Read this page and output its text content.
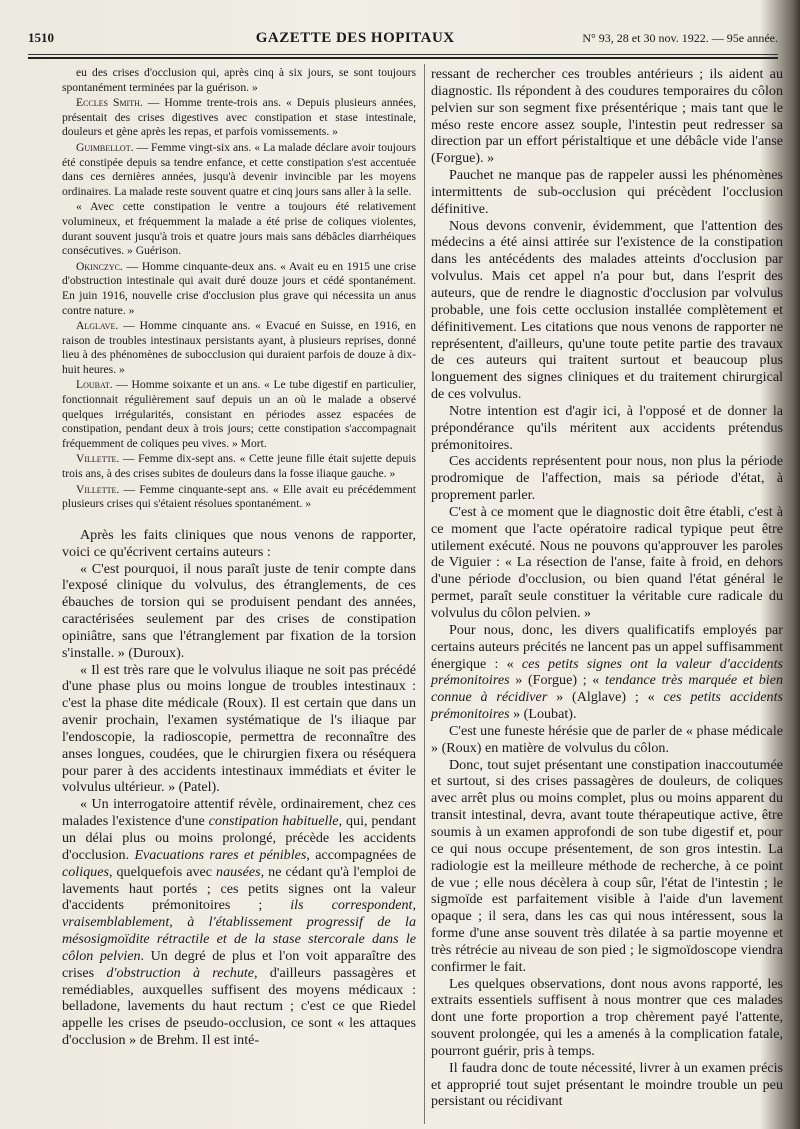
1510	GAZETTE DES HOPITAUX	N° 93, 28 et 30 nov. 1922. — 95e année.

eu des crises d'occlusion qui, après cinq à six jours, se sont toujours spontanément terminées par la guérison. »

Eccles Smith. — Homme trente-trois ans. « Depuis plusieurs années, présentait des crises digestives avec constipation et stase intestinale, douleurs et gène après les repas, et parfois vomissements. »

Guimbellot. — Femme vingt-six ans. « La malade déclare avoir toujours été constipée depuis sa tendre enfance, et cette constipation s'est accentuée dans ces dernières années, jusqu'à devenir invincible par les moyens ordinaires. La malade reste souvent quatre et cinq jours sans aller à la selle.

« Avec cette constipation le ventre a toujours été relativement volumineux, et fréquemment la malade a été prise de coliques violentes, durant souvent jusqu'à trois et quatre jours mais sans débâcles diarrhéiques consécutives. » Guérison.

Okinczyc. — Homme cinquante-deux ans. « Avait eu en 1915 une crise d'obstruction intestinale qui avait duré douze jours et cédé spontanément. En juin 1916, nouvelle crise d'occlusion plus grave qui nécessita un anus contre nature. »

Alglave. — Homme cinquante ans. « Evacué en Suisse, en 1916, en raison de troubles intestinaux persistants ayant, à plusieurs reprises, donné lieu à des phénomènes de subocclusion qui duraient parfois de douze à dix-huit heures. »

Loubat. — Homme soixante et un ans. « Le tube digestif en particulier, fonctionnait régulièrement sauf depuis un an où le malade a observé quelques irrégularités, consistant en périodes assez espacées de constipation, pendant deux à trois jours; cette constipation s'accompagnait fréquemment de coliques peu vives. » Mort.

Villette. — Femme dix-sept ans. « Cette jeune fille était sujette depuis trois ans, à des crises subites de douleurs dans la fosse iliaque gauche. »

Villette. — Femme cinquante-sept ans. « Elle avait eu précédemment plusieurs crises qui s'étaient résolues spontanément. »

Après les faits cliniques que nous venons de rapporter, voici ce qu'écrivent certains auteurs :

« C'est pourquoi, il nous paraît juste de tenir compte dans l'exposé clinique du volvulus, des étranglements, de ces ébauches de torsion qui se produisent pendant des années, caractérisées seulement par des crises de constipation opiniâtre, sans que l'étranglement par fixation de la torsion s'installe. » (Duroux).

« Il est très rare que le volvulus iliaque ne soit pas précédé d'une phase plus ou moins longue de troubles intestinaux : c'est la phase dite médicale (Roux). Il est certain que dans un avenir prochain, l'examen systématique de l's iliaque par l'endoscopie, la radioscopie, permettra de reconnaître des anses longues, coudées, que le chirurgien fixera ou réséquera pour parer à des accidents intestinaux immédiats et éviter le volvulus ultérieur. » (Patel).

« Un interrogatoire attentif révèle, ordinairement, chez ces malades l'existence d'une constipation habituelle, qui, pendant un délai plus ou moins prolongé, précède les accidents d'occlusion. Evacuations rares et pénibles, accompagnées de coliques, quelquefois avec nausées, ne cédant qu'à l'emploi de lavements haut portés ; ces petits signes ont la valeur d'accidents prémonitoires ; ils correspondent, vraisemblablement, à l'établissement progressif de la mésosigmoïdite rétractile et de la stase stercorale dans le côlon pelvien. Un degré de plus et l'on voit apparaître des crises d'obstruction à rechute, d'ailleurs passagères et remédiables, auxquelles suffisent des moyens médicaux : belladone, lavements du haut rectum ; c'est ce que Riedel appelle les crises de pseudo-occlusion, ce sont « les attaques d'occlusion » de Brehm. Il est inté-

ressant de rechercher ces troubles antérieurs ; ils aident au diagnostic. Ils répondent à des coudures temporaires du côlon pelvien sur son segment fixe présentérique ; mais tant que le méso reste encore assez souple, l'intestin peut redresser sa direction par un effort péristaltique et une débâcle vide l'anse (Forgue). »

Pauchet ne manque pas de rappeler aussi les phénomènes intermittents de sub-occlusion qui précèdent l'occlusion définitive.

Nous devons convenir, évidemment, que l'attention des médecins a été ainsi attirée sur l'existence de la constipation dans les antécédents des malades atteints d'occlusion par volvulus. Mais cet appel n'a pour but, dans l'esprit des auteurs, que de rendre le diagnostic d'occlusion par volvulus probable, une fois cette occlusion installée complètement et définitivement. Les citations que nous venons de rapporter ne représentent, d'ailleurs, qu'une toute petite partie des travaux de ces auteurs qui traitent surtout et beaucoup plus longuement des signes cliniques et du traitement chirurgical de ces volvulus.

Notre intention est d'agir ici, à l'opposé et de donner la prépondérance qu'ils méritent aux accidents prétendus prémonitoires.

Ces accidents représentent pour nous, non plus la période prodromique de l'affection, mais sa période d'état, à proprement parler.

C'est à ce moment que le diagnostic doit être établi, c'est à ce moment que l'acte opératoire radical typique peut être utilement exécuté. Nous ne pouvons qu'approuver les paroles de Viguier : « La résection de l'anse, faite à froid, en dehors d'une période d'occlusion, ou bien quand l'état général le permet, paraît seule constituer la véritable cure radicale du volvulus du côlon pelvien. »

Pour nous, donc, les divers qualificatifs employés par certains auteurs précités ne lancent pas un appel suffisamment énergique : « ces petits signes ont la valeur d'accidents prémonitoires » (Forgue) ; « tendance très marquée et bien connue à récidiver » (Alglave) ; « ces petits accidents prémonitoires » (Loubat).

C'est une funeste hérésie que de parler de « phase médicale » (Roux) en matière de volvulus du côlon.

Donc, tout sujet présentant une constipation inaccoutumée et surtout, si des crises passagères de douleurs, de coliques avec arrêt plus ou moins complet, plus ou moins apparent du transit intestinal, devra, avant toute thérapeutique active, être soumis à un examen approfondi de son tube digestif et, pour ce qui nous occupe présentement, de son gros intestin. La radiologie est la meilleure méthode de recherche, à ce point de vue ; elle nous décèlera à coup sûr, l'état de l'intestin ; le sigmoïde est parfaitement visible à l'aide d'un lavement opaque ; il sera, dans les cas qui nous intéressent, sous la forme d'une anse souvent très dilatée à sa partie moyenne et très rétrécie au niveau de son pied ; le sigmoïdoscope viendra confirmer le fait.

Les quelques observations, dont nous avons rapporté, les extraits essentiels suffisent à nous montrer que ces malades dont une forte proportion a trop chèrement payé l'attente, souvent prolongée, qui les a amenés à la complication fatale, pourront guérir, pris à temps.

Il faudra donc de toute nécessité, livrer à un examen précis et approprié tout sujet présentant le moindre trouble un peu persistant ou récidivant
